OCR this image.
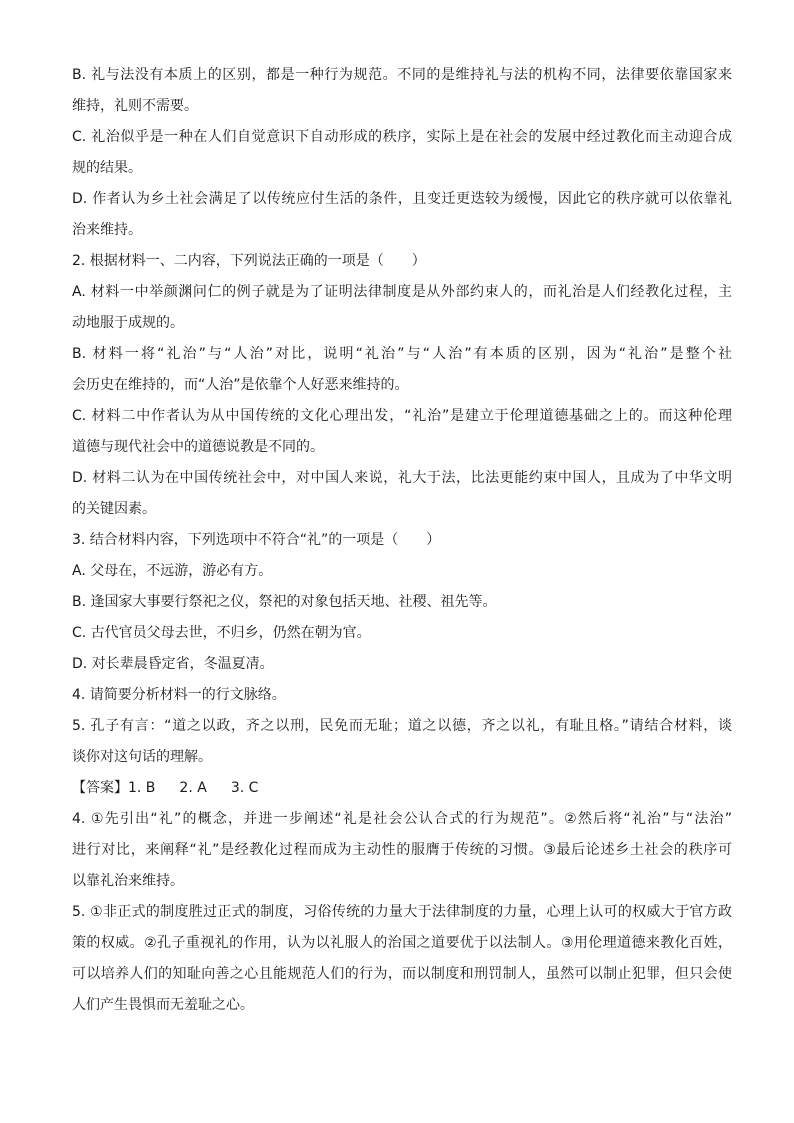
B. 礼与法没有本质上的区别，都是一种行为规范。不同的是维持礼与法的机构不同，法律要依靠国家来

维持，礼则不需要。

C. 礼治似乎是一种在人们自觉意识下自动形成的秩序，实际上是在社会的发展中经过教化而主动迎合成

规的结果。

D. 作者认为乡土社会满足了以传统应付生活的条件，且变迁更迭较为缓慢，因此它的秩序就可以依靠礼

治来维持。

2. 根据材料一、二内容，下列说法正确的一项是（　　）

A. 材料一中举颜渊问仁的例子就是为了证明法律制度是从外部约束人的，而礼治是人们经教化过程，主

动地服于成规的。

B. 材料一将“礼治”与“人治”对比，说明“礼治”与“人治”有本质的区别，因为“礼治”是整个社

会历史在维持的，而“人治”是依靠个人好恶来维持的。

C. 材料二中作者认为从中国传统的文化心理出发，“礼治”是建立于伦理道德基础之上的。而这种伦理

道德与现代社会中的道德说教是不同的。

D. 材料二认为在中国传统社会中，对中国人来说，礼大于法，比法更能约束中国人，且成为了中华文明

的关键因素。

3. 结合材料内容，下列选项中不符合“礼”的一项是（　　）

A. 父母在，不远游，游必有方。

B. 逢国家大事要行祭祀之仪，祭祀的对象包括天地、社稷、祖先等。

C. 古代官员父母去世，不归乡，仍然在朝为官。

D. 对长辈晨昏定省，冬温夏凊。

4. 请简要分析材料一的行文脉络。

5. 孔子有言：“道之以政，齐之以刑，民免而无耻；道之以德，齐之以礼，有耻且格。”请结合材料，谈

谈你对这句话的理解。

【答案】1. B 2. A 3. C

4. ①先引出“礼”的概念，并进一步阐述“礼是社会公认合式的行为规范”。②然后将“礼治”与“法治”

进行对比，来阐释“礼”是经教化过程而成为主动性的服膺于传统的习惯。③最后论述乡土社会的秩序可

以靠礼治来维持。

5. ①非正式的制度胜过正式的制度，习俗传统的力量大于法律制度的力量，心理上认可的权威大于官方政

策的权威。②孔子重视礼的作用，认为以礼服人的治国之道要优于以法制人。③用伦理道德来教化百姓，

可以培养人们的知耻向善之心且能规范人们的行为，而以制度和刑罚制人，虽然可以制止犯罪，但只会使

人们产生畏惧而无羞耻之心。
